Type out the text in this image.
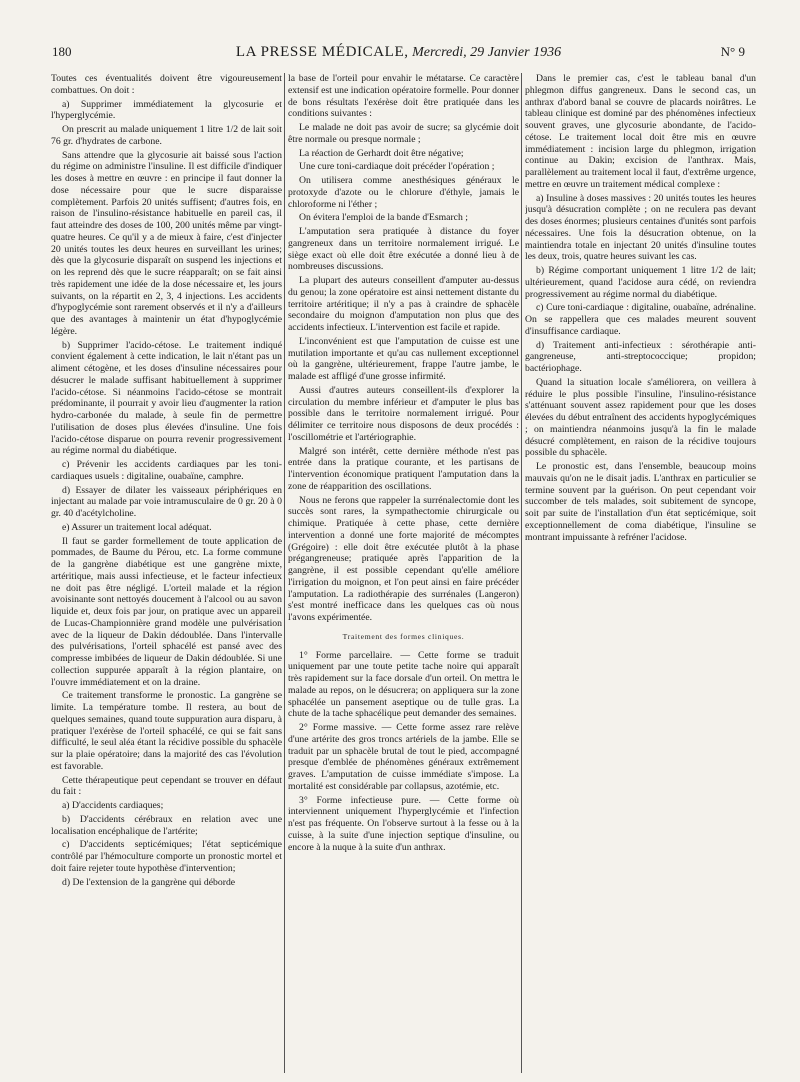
180	LA PRESSE MÉDICALE, Mercredi, 29 Janvier 1936	N° 9

Toutes ces éventualités doivent être vigoureusement combattues. On doit :

a) Supprimer immédiatement la glycosurie et l'hyperglycémie.

On prescrit au malade uniquement 1 litre 1/2 de lait soit 76 gr. d'hydrates de carbone.

Sans attendre que la glycosurie ait baissé sous l'action du régime on administre l'insuline. Il est difficile d'indiquer les doses à mettre en œuvre : en principe il faut donner la dose nécessaire pour que le sucre disparaisse complètement. Parfois 20 unités suffisent; d'autres fois, en raison de l'insulino-résistance habituelle en pareil cas, il faut atteindre des doses de 100, 200 unités même par vingt-quatre heures. Ce qu'il y a de mieux à faire, c'est d'injecter 20 unités toutes les deux heures en surveillant les urines; dès que la glycosurie disparaît on suspend les injections et on les reprend dès que le sucre réapparaît; on se fait ainsi très rapidement une idée de la dose nécessaire et, les jours suivants, on la répartit en 2, 3, 4 injections. Les accidents d'hypoglycémie sont rarement observés et il n'y a d'ailleurs que des avantages à maintenir un état d'hypoglycémie légère.

b) Supprimer l'acido-cétose. Le traitement indiqué convient également à cette indication, le lait n'étant pas un aliment cétogène, et les doses d'insuline nécessaires pour désucrer le malade suffisant habituellement à supprimer l'acido-cétose. Si néanmoins l'acido-cétose se montrait prédominante, il pourrait y avoir lieu d'augmenter la ration hydro-carbonée du malade, à seule fin de permettre l'utilisation de doses plus élevées d'insuline. Une fois l'acido-cétose disparue on pourra revenir progressivement au régime normal du diabétique.

c) Prévenir les accidents cardiaques par les toni-cardiaques usuels : digitaline, ouabaïne, camphre.

d) Essayer de dilater les vaisseaux périphériques en injectant au malade par voie intramusculaire de 0 gr. 20 à 0 gr. 40 d'acétylcholine.

e) Assurer un traitement local adéquat.

Il faut se garder formellement de toute application de pommades, de Baume du Pérou, etc. La forme commune de la gangrène diabétique est une gangrène mixte, artéritique, mais aussi infectieuse, et le facteur infectieux ne doit pas être négligé. L'orteil malade et la région avoisinante sont nettoyés doucement à l'alcool ou au savon liquide et, deux fois par jour, on pratique avec un appareil de Lucas-Championnière grand modèle une pulvérisation avec de la liqueur de Dakin dédoublée. Dans l'intervalle des pulvérisations, l'orteil sphacélé est pansé avec des compresse imbibées de liqueur de Dakin dédoublée. Si une collection suppurée apparaît à la région plantaire, on l'ouvre immédiatement et on la draine.

Ce traitement transforme le pronostic. La gangrène se limite. La température tombe. Il restera, au bout de quelques semaines, quand toute suppuration aura disparu, à pratiquer l'exérèse de l'orteil sphacélé, ce qui se fait sans difficulté, le seul aléa étant la récidive possible du sphacèle sur la plaie opératoire; dans la majorité des cas l'évolution est favorable.

Cette thérapeutique peut cependant se trouver en défaut du fait :

a) D'accidents cardiaques;

b) D'accidents cérébraux en relation avec une localisation encéphalique de l'artérite;

c) D'accidents septicémiques; l'état septicémique contrôlé par l'hémoculture comporte un pronostic mortel et doit faire rejeter toute hypothèse d'intervention;

d) De l'extension de la gangrène qui déborde

la base de l'orteil pour envahir le métatarse. Ce caractère extensif est une indication opératoire formelle. Pour donner de bons résultats l'exérèse doit être pratiquée dans les conditions suivantes :

Le malade ne doit pas avoir de sucre; sa glycémie doit être normale ou presque normale ;

La réaction de Gerhardt doit être négative;

Une cure toni-cardiaque doit précéder l'opération ;

On utilisera comme anesthésiques généraux le protoxyde d'azote ou le chlorure d'éthyle, jamais le chloroforme ni l'éther ;

On évitera l'emploi de la bande d'Esmarch ;

L'amputation sera pratiquée à distance du foyer gangreneux dans un territoire normalement irrigué. Le siège exact où elle doit être exécutée a donné lieu à de nombreuses discussions.

La plupart des auteurs conseillent d'amputer au-dessus du genou; la zone opératoire est ainsi nettement distante du territoire artéritique; il n'y a pas à craindre de sphacèle secondaire du moignon d'amputation non plus que des accidents infectieux. L'intervention est facile et rapide.

L'inconvénient est que l'amputation de cuisse est une mutilation importante et qu'au cas nullement exceptionnel où la gangrène, ultérieurement, frappe l'autre jambe, le malade est affligé d'une grosse infirmité.

Aussi d'autres auteurs conseillent-ils d'explorer la circulation du membre inférieur et d'amputer le plus bas possible dans le territoire normalement irrigué. Pour délimiter ce territoire nous disposons de deux procédés : l'oscillométrie et l'artériographie.

Malgré son intérêt, cette dernière méthode n'est pas entrée dans la pratique courante, et les partisans de l'intervention économique pratiquent l'amputation dans la zone de réapparition des oscillations.

Nous ne ferons que rappeler la surrénalectomie dont les succès sont rares, la sympathectomie chirurgicale ou chimique. Pratiquée à cette phase, cette dernière intervention a donné une forte majorité de mécomptes (Grégoire) : elle doit être exécutée plutôt à la phase prégangreneuse; pratiquée après l'apparition de la gangrène, il est possible cependant qu'elle améliore l'irrigation du moignon, et l'on peut ainsi en faire précéder l'amputation. La radiothérapie des surrénales (Langeron) s'est montré inefficace dans les quelques cas où nous l'avons expérimentée.

Traitement des formes cliniques.

1° Forme parcellaire. — Cette forme se traduit uniquement par une toute petite tache noire qui apparaît très rapidement sur la face dorsale d'un orteil. On mettra le malade au repos, on le désucrera; on appliquera sur la zone sphacélée un pansement aseptique ou de tulle gras. La chute de la tache sphacélique peut demander des semaines.

2° Forme massive. — Cette forme assez rare relève d'une artérite des gros troncs artériels de la jambe. Elle se traduit par un sphacèle brutal de tout le pied, accompagné presque d'emblée de phénomènes généraux extrêmement graves. L'amputation de cuisse immédiate s'impose. La mortalité est considérable par collapsus, azotémie, etc.

3° Forme infectieuse pure. — Cette forme où interviennent uniquement l'hyperglycémie et l'infection n'est pas fréquente. On l'observe surtout à la fesse ou à la cuisse, à la suite d'une injection septique d'insuline, ou encore à la nuque à la suite d'un anthrax.

Dans le premier cas, c'est le tableau banal d'un phlegmon diffus gangreneux. Dans le second cas, un anthrax d'abord banal se couvre de placards noirâtres. Le tableau clinique est dominé par des phénomènes infectieux souvent graves, une glycosurie abondante, de l'acido-cétose. Le traitement local doit être mis en œuvre immédiatement : incision large du phlegmon, irrigation continue au Dakin; excision de l'anthrax. Mais, parallèlement au traitement local il faut, d'extrême urgence, mettre en œuvre un traitement médical complexe :

a) Insuline à doses massives : 20 unités toutes les heures jusqu'à désucration complète ; on ne reculera pas devant des doses énormes; plusieurs centaines d'unités sont parfois nécessaires. Une fois la désucration obtenue, on la maintiendra totale en injectant 20 unités d'insuline toutes les deux, trois, quatre heures suivant les cas.

b) Régime comportant uniquement 1 litre 1/2 de lait; ultérieurement, quand l'acidose aura cédé, on reviendra progressivement au régime normal du diabétique.

c) Cure toni-cardiaque : digitaline, ouabaïne, adrénaline. On se rappellera que ces malades meurent souvent d'insuffisance cardiaque.

d) Traitement anti-infectieux : sérothérapie anti-gangreneuse, anti-streptococcique; propidon; bactériophage.

Quand la situation locale s'améliorera, on veillera à réduire le plus possible l'insuline, l'insulino-résistance s'atténuant souvent assez rapidement pour que les doses élevées du début entraînent des accidents hypoglycémiques ; on maintiendra néanmoins jusqu'à la fin le malade désucré complètement, en raison de la récidive toujours possible du sphacèle.

Le pronostic est, dans l'ensemble, beaucoup moins mauvais qu'on ne le disait jadis. L'anthrax en particulier se termine souvent par la guérison. On peut cependant voir succomber de tels malades, soit subitement de syncope, soit par suite de l'installation d'un état septicémique, soit exceptionnellement de coma diabétique, l'insuline se montrant impuissante à refréner l'acidose.
